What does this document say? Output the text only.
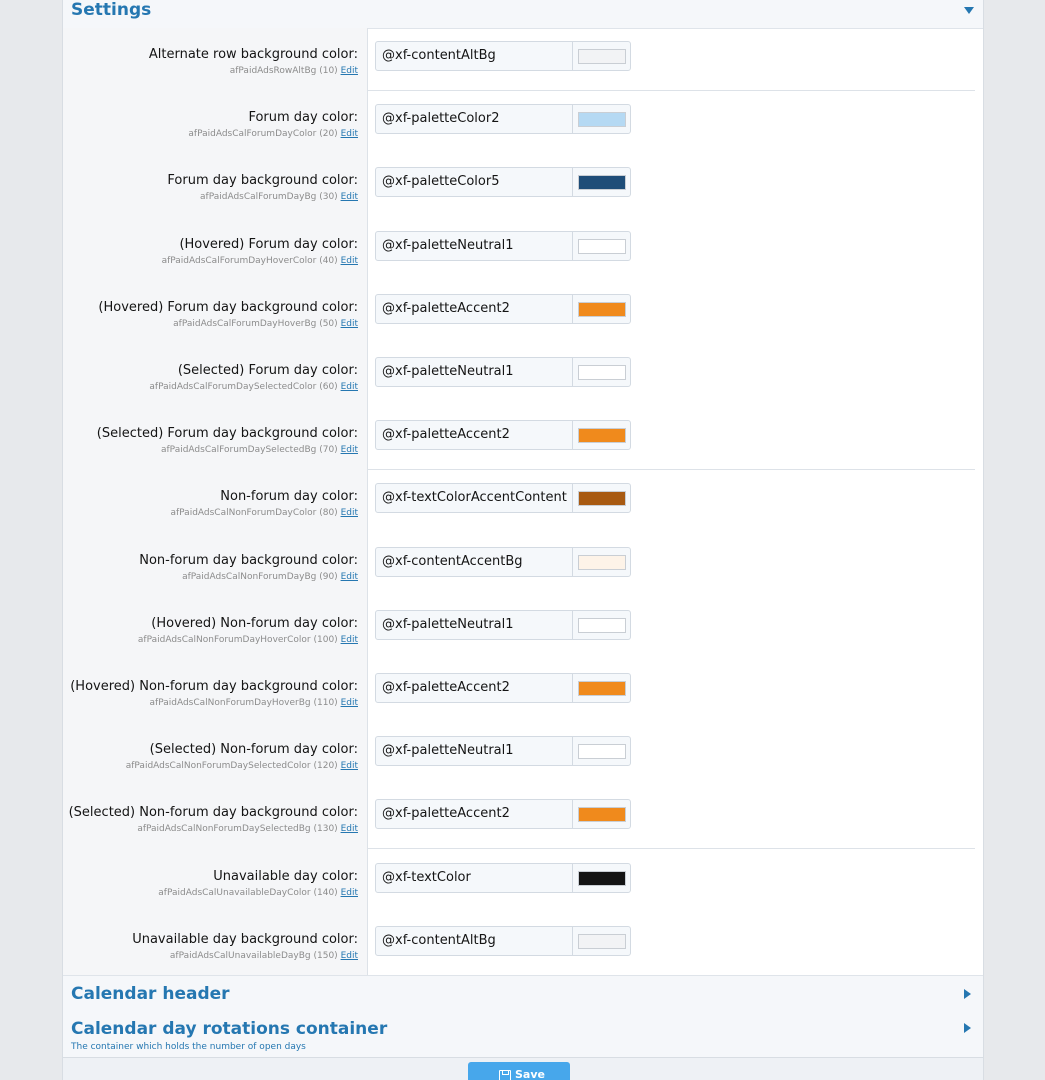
Settings
Alternate row background color:
afPaidAdsRowAltBg (10) Edit
@xf-contentAltBg
Forum day color:
afPaidAdsCalForumDayColor (20) Edit
@xf-paletteColor2
Forum day background color:
afPaidAdsCalForumDayBg (30) Edit
@xf-paletteColor5
(Hovered) Forum day color:
afPaidAdsCalForumDayHoverColor (40) Edit
@xf-paletteNeutral1
(Hovered) Forum day background color:
afPaidAdsCalForumDayHoverBg (50) Edit
@xf-paletteAccent2
(Selected) Forum day color:
afPaidAdsCalForumDaySelectedColor (60) Edit
@xf-paletteNeutral1
(Selected) Forum day background color:
afPaidAdsCalForumDaySelectedBg (70) Edit
@xf-paletteAccent2
Non-forum day color:
afPaidAdsCalNonForumDayColor (80) Edit
@xf-textColorAccentContent
Non-forum day background color:
afPaidAdsCalNonForumDayBg (90) Edit
@xf-contentAccentBg
(Hovered) Non-forum day color:
afPaidAdsCalNonForumDayHoverColor (100) Edit
@xf-paletteNeutral1
(Hovered) Non-forum day background color:
afPaidAdsCalNonForumDayHoverBg (110) Edit
@xf-paletteAccent2
(Selected) Non-forum day color:
afPaidAdsCalNonForumDaySelectedColor (120) Edit
@xf-paletteNeutral1
(Selected) Non-forum day background color:
afPaidAdsCalNonForumDaySelectedBg (130) Edit
@xf-paletteAccent2
Unavailable day color:
afPaidAdsCalUnavailableDayColor (140) Edit
@xf-textColor
Unavailable day background color:
afPaidAdsCalUnavailableDayBg (150) Edit
@xf-contentAltBg
Calendar header
Calendar day rotations container
The container which holds the number of open days
Save
